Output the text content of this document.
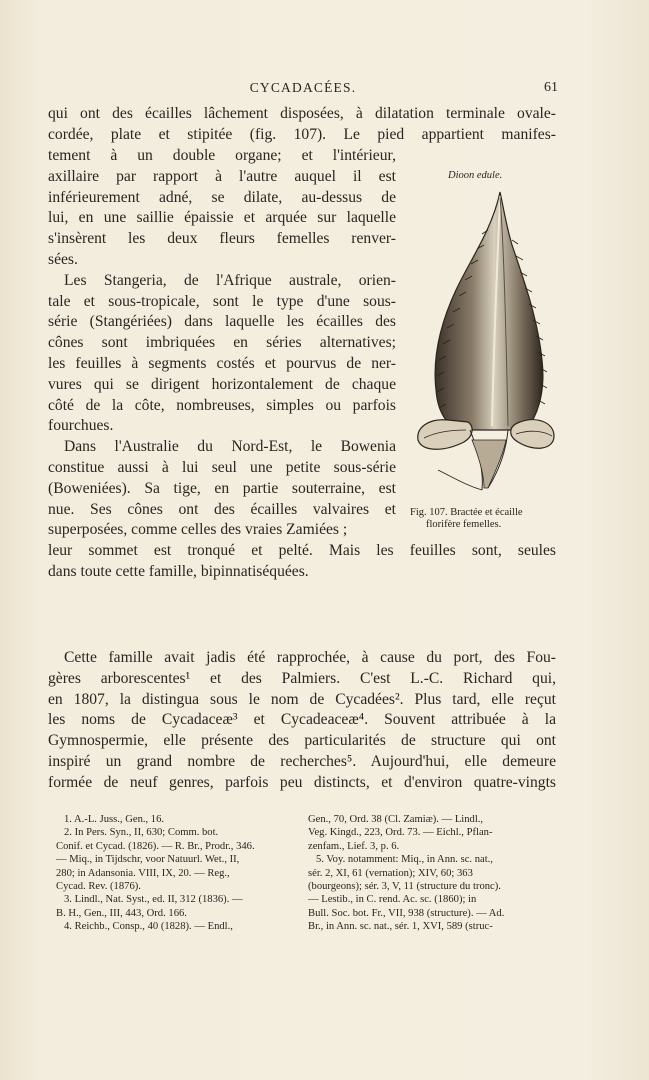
CYCADACÉES.	61
qui ont des écailles lâchement disposées, à dilatation terminale ovale-
cordée, plate et stipitée (fig. 107). Le pied appartient manifes-
tement à un double organe; et l'intérieur,
axillaire par rapport à l'autre auquel il est
inférieurement adné, se dilate, au-dessus de
lui, en une saillie épaissie et arquée sur laquelle
s'insèrent les deux fleurs femelles renver-
sées.
Les Stangeria, de l'Afrique australe, orien-
tale et sous-tropicale, sont le type d'une sous-
série (Stangériées) dans laquelle les écailles des
cônes sont imbriquées en séries alternatives;
les feuilles à segments costés et pourvus de ner-
vures qui se dirigent horizontalement de chaque
côté de la côte, nombreuses, simples ou parfois
fourchues.
Dans l'Australie du Nord-Est, le Bowenia
constitue aussi à lui seul une petite sous-série
(Boweniées). Sa tige, en partie souterraine, est
nue. Ses cônes ont des écailles valvaires et
superposées, comme celles des vraies Zamiées ;
leur sommet est tronqué et pelté. Mais les feuilles sont, seules
dans toute cette famille, bipinnatiséquées.
Dioon edule.
Fig. 107. Bractée et écaille
florifère femelles.
Cette famille avait jadis été rapprochée, à cause du port, des Fou-
gères arborescentes¹ et des Palmiers. C'est L.-C. Richard qui,
en 1807, la distingua sous le nom de Cycadées². Plus tard, elle reçut
les noms de Cycadaceæ³ et Cycadeaceæ⁴. Souvent attribuée à la
Gymnospermie, elle présente des particularités de structure qui ont
inspiré un grand nombre de recherches⁵. Aujourd'hui, elle demeure
formée de neuf genres, parfois peu distincts, et d'environ quatre-vingts
1. A.-L. Juss., Gen., 16.
2. In Pers. Syn., II, 630; Comm. bot.
Conif. et Cycad. (1826). — R. Br., Prodr., 346.
— Miq., in Tijdschr, voor Natuurl. Wet., II,
280; in Adansonia. VIII, IX, 20. — Reg.,
Cycad. Rev. (1876).
3. Lindl., Nat. Syst., ed. II, 312 (1836). —
B. H., Gen., III, 443, Ord. 166.
4. Reichb., Consp., 40 (1828). — Endl.,
Gen., 70, Ord. 38 (Cl. Zamiæ). — Lindl.,
Veg. Kingd., 223, Ord. 73. — Eichl., Pflan-
zenfam., Lief. 3, p. 6.
5. Voy. notamment: Miq., in Ann. sc. nat.,
sér. 2, XI, 61 (vernation); XIV, 60; 363
(bourgeons); sér. 3, V, 11 (structure du tronc).
— Lestib., in C. rend. Ac. sc. (1860); in
Bull. Soc. bot. Fr., VII, 938 (structure). — Ad.
Br., in Ann. sc. nat., sér. 1, XVI, 589 (struc-
